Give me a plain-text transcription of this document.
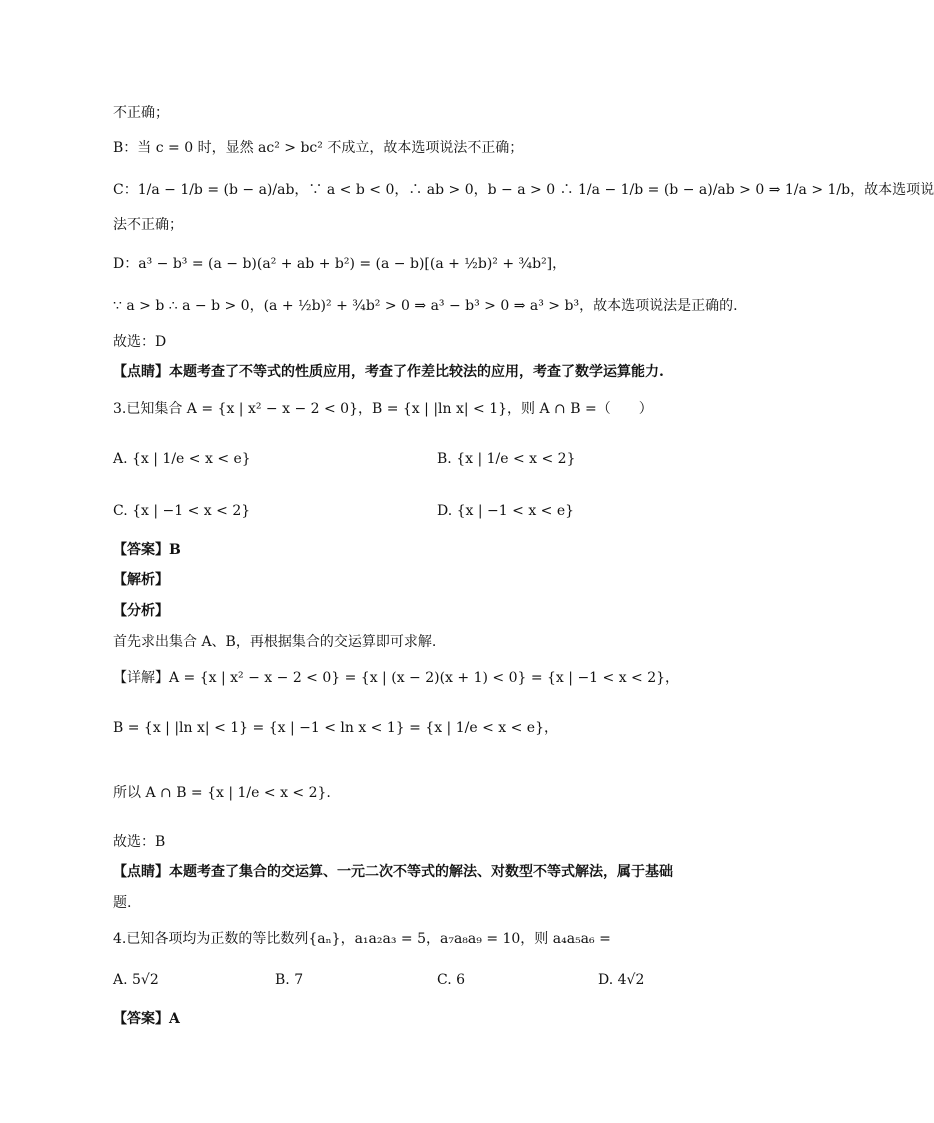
不正确；
B：当 c = 0 时，显然 ac² > bc² 不成立，故本选项说法不正确；
C：1/a − 1/b = (b − a)/ab，∵ a < b < 0，∴ ab > 0，b − a > 0 ∴ 1/a − 1/b = (b − a)/ab > 0 ⇒ 1/a > 1/b，故本选项说
法不正确；
D：a³ − b³ = (a − b)(a² + ab + b²) = (a − b)[(a + ½b)² + ¾b²]，
∵ a > b ∴ a − b > 0，(a + ½b)² + ¾b² > 0 ⇒ a³ − b³ > 0 ⇒ a³ > b³，故本选项说法是正确的.
故选：D
【点睛】本题考查了不等式的性质应用，考查了作差比较法的应用，考查了数学运算能力.
3.已知集合 A = {x | x² − x − 2 < 0}，B = {x | |ln x| < 1}，则 A ∩ B =（　　）
A. {x | 1/e < x < e}	B. {x | 1/e < x < 2}
C. {x | −1 < x < 2}	D. {x | −1 < x < e}
【答案】B
【解析】
【分析】
首先求出集合 A、B，再根据集合的交运算即可求解.
【详解】A = {x | x² − x − 2 < 0} = {x | (x − 2)(x + 1) < 0} = {x | −1 < x < 2}，
B = {x | |ln x| < 1} = {x | −1 < ln x < 1} = {x | 1/e < x < e}，
所以 A ∩ B = {x | 1/e < x < 2}.
故选：B
【点睛】本题考查了集合的交运算、一元二次不等式的解法、对数型不等式解法，属于基础
题.
4.已知各项均为正数的等比数列{aₙ}，a₁a₂a₃ = 5，a₇a₈a₉ = 10，则 a₄a₅a₆ =
A. 5√2	B. 7	C. 6	D. 4√2
【答案】A
